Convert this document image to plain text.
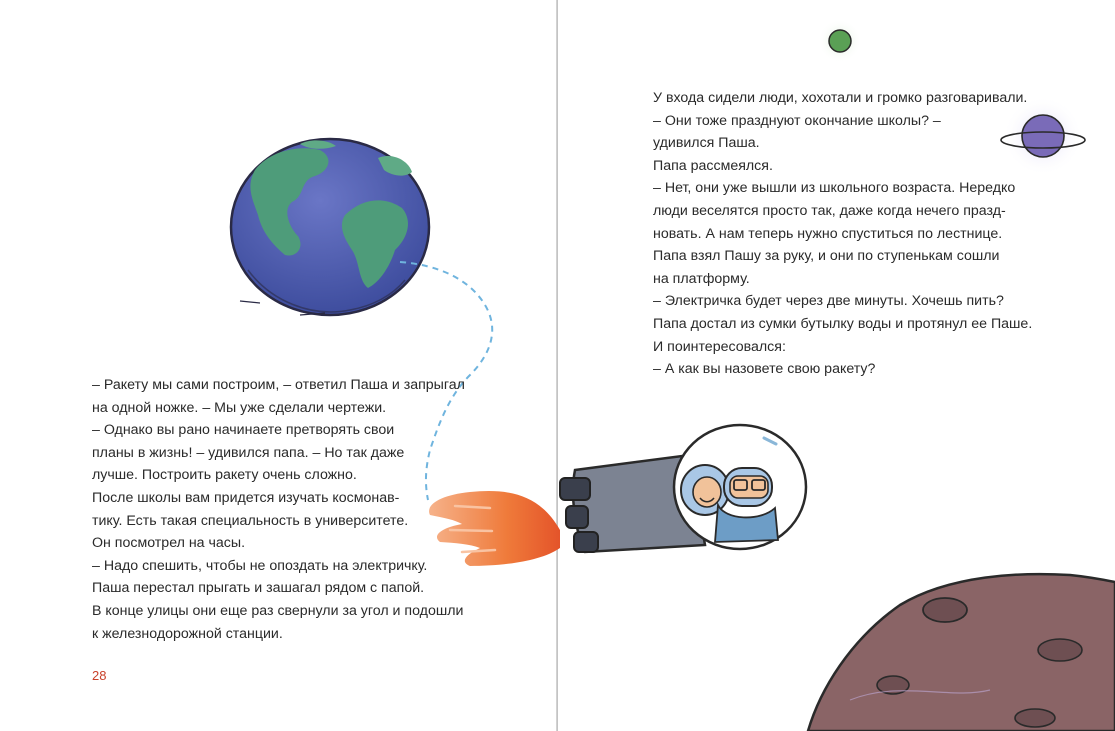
– Ракету мы сами построим, – ответил Паша и запрыгал

на одной ножке. – Мы уже сделали чертежи.

– Однако вы рано начинаете претворять свои

планы в жизнь! – удивился папа. – Но так даже

лучше. Построить ракету очень сложно.

После школы вам придется изучать космонав-

тику. Есть такая специальность в университете.

Он посмотрел на часы.

– Надо спешить, чтобы не опоздать на электричку.

Паша перестал прыгать и зашагал рядом с папой.

В конце улицы они еще раз свернули за угол и подошли

к железнодорожной станции.

28

У входа сидели люди, хохотали и громко разговаривали.

– Они тоже празднуют окончание школы? –

удивился Паша.

Папа рассмеялся.

– Нет, они уже вышли из школьного возраста. Нередко

люди веселятся просто так, даже когда нечего празд-

новать. А нам теперь нужно спуститься по лестнице.

Папа взял Пашу за руку, и они по ступенькам сошли

на платформу.

– Электричка будет через две минуты. Хочешь пить?

Папа достал из сумки бутылку воды и протянул ее Паше.

И поинтересовался:

– А как вы назовете свою ракету?
